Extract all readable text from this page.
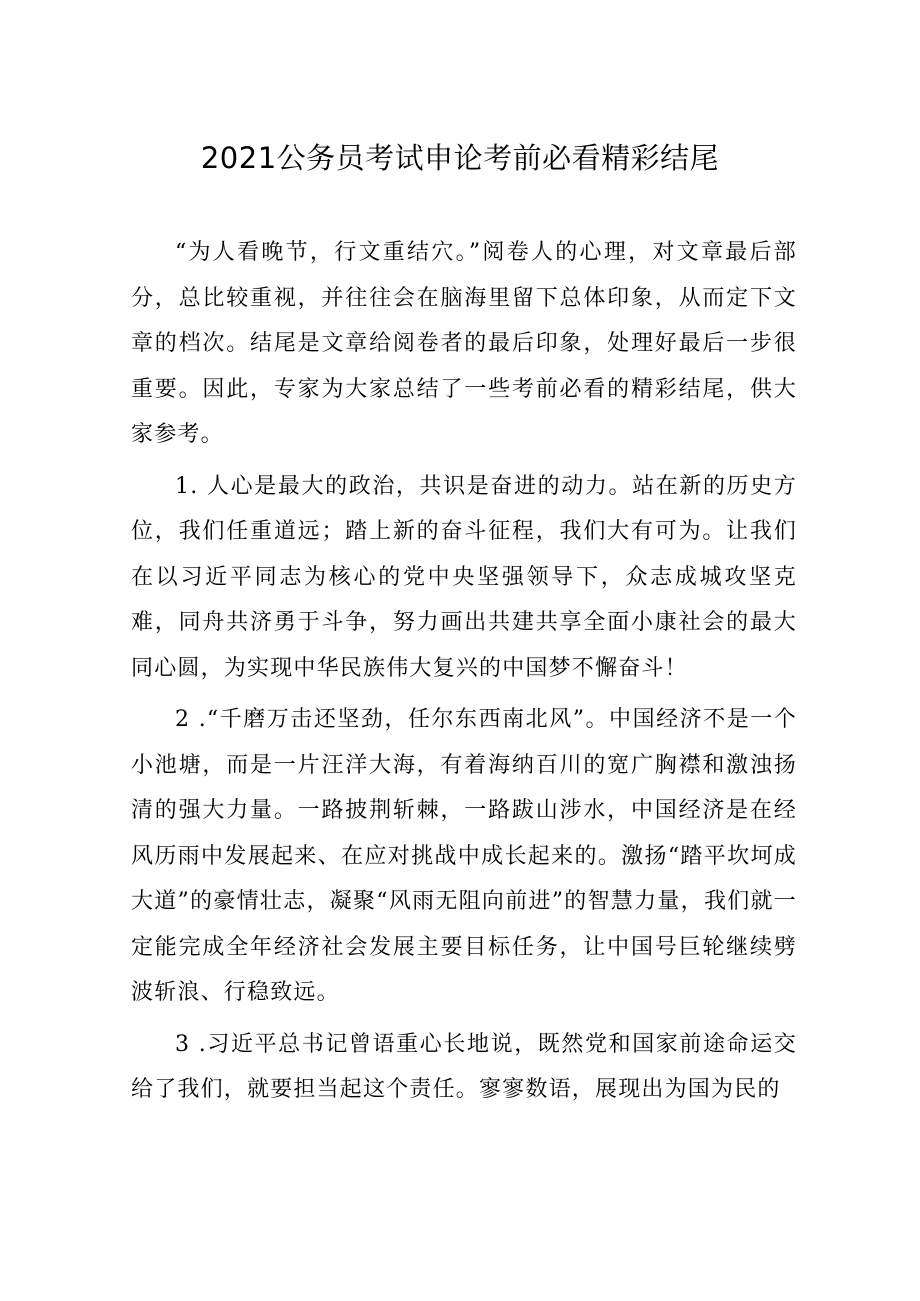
2021公务员考试申论考前必看精彩结尾

“为人看晚节，行文重结穴。”阅卷人的心理，对文章最后部分，总比较重视，并往往会在脑海里留下总体印象，从而定下文章的档次。结尾是文章给阅卷者的最后印象，处理好最后一步很重要。因此，专家为大家总结了一些考前必看的精彩结尾，供大家参考。

1. 人心是最大的政治，共识是奋进的动力。站在新的历史方位，我们任重道远；踏上新的奋斗征程，我们大有可为。让我们在以习近平同志为核心的党中央坚强领导下，众志成城攻坚克难，同舟共济勇于斗争，努力画出共建共享全面小康社会的最大同心圆，为实现中华民族伟大复兴的中国梦不懈奋斗！

2 .“千磨万击还坚劲，任尔东西南北风”。中国经济不是一个小池塘，而是一片汪洋大海，有着海纳百川的宽广胸襟和激浊扬清的强大力量。一路披荆斩棘，一路跋山涉水，中国经济是在经风历雨中发展起来、在应对挑战中成长起来的。激扬“踏平坎坷成大道”的豪情壮志，凝聚“风雨无阻向前进”的智慧力量，我们就一定能完成全年经济社会发展主要目标任务，让中国号巨轮继续劈波斩浪、行稳致远。

3 .习近平总书记曾语重心长地说，既然党和国家前途命运交给了我们，就要担当起这个责任。寥寥数语，展现出为国为民的
